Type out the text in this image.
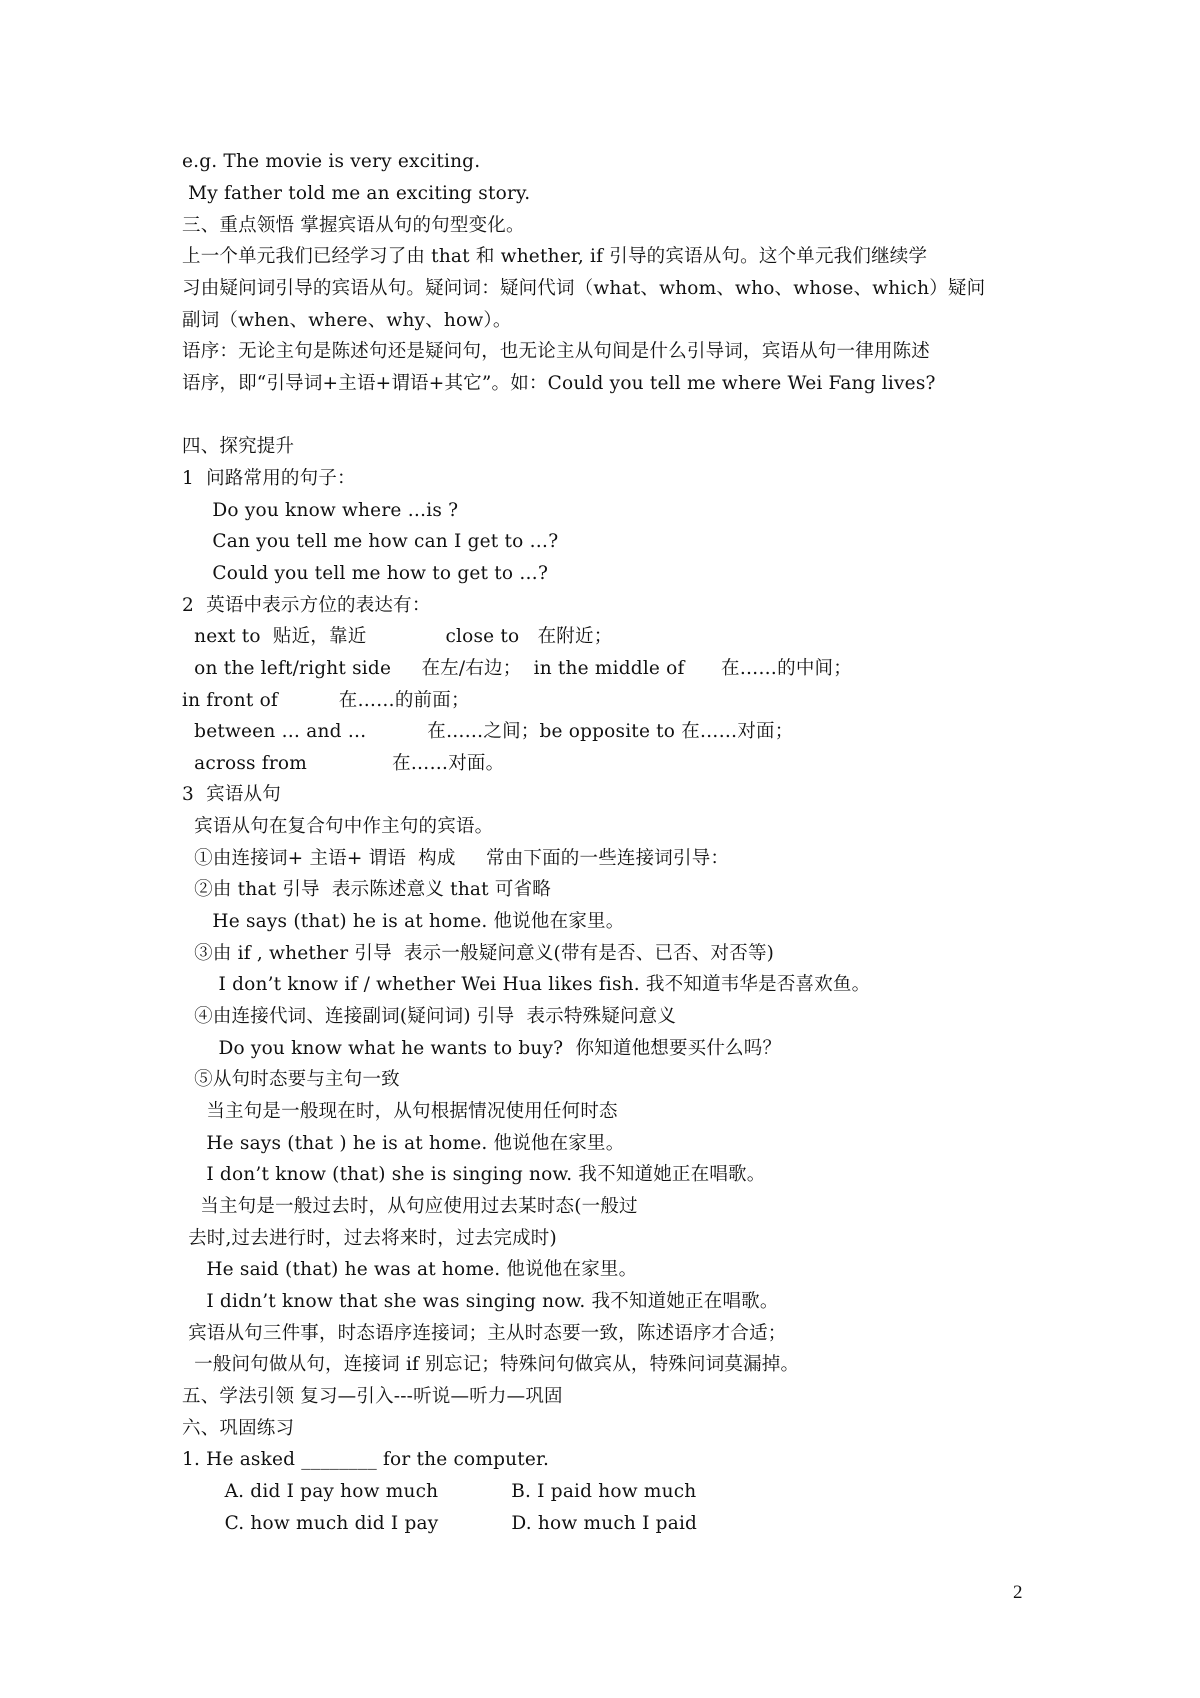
e.g. The movie is very exciting.
My father told me an exciting story.
三、重点领悟 掌握宾语从句的句型变化。
上一个单元我们已经学习了由 that 和 whether, if 引导的宾语从句。这个单元我们继续学
习由疑问词引导的宾语从句。疑问词：疑问代词（what、whom、who、whose、which）疑问
副词（when、where、why、how）。
语序：无论主句是陈述句还是疑问句，也无论主从句间是什么引导词，宾语从句一律用陈述
语序，即“引导词+主语+谓语+其它”。如：Could you tell me where Wei Fang lives?
四、探究提升
1  问路常用的句子：
Do you know where …is ?
Can you tell me how can I get to …?
Could you tell me how to get to …?
2  英语中表示方位的表达有：
next to  贴近，靠近             close to   在附近；
on the left/right side     在左/右边；  in the middle of      在……的中间；
in front of          在……的前面；
between … and …          在……之间；be opposite to 在……对面；
across from              在……对面。
3  宾语从句
宾语从句在复合句中作主句的宾语。
①由连接词+ 主语+ 谓语  构成     常由下面的一些连接词引导：
②由 that 引导  表示陈述意义 that 可省略
He says (that) he is at home. 他说他在家里。
③由 if , whether 引导  表示一般疑问意义(带有是否、已否、对否等)
I don’t know if / whether Wei Hua likes fish. 我不知道韦华是否喜欢鱼。
④由连接代词、连接副词(疑问词) 引导  表示特殊疑问意义
Do you know what he wants to buy?  你知道他想要买什么吗？
⑤从句时态要与主句一致
当主句是一般现在时，从句根据情况使用任何时态
He says (that ) he is at home. 他说他在家里。
I don’t know (that) she is singing now. 我不知道她正在唱歌。
当主句是一般过去时，从句应使用过去某时态(一般过
去时,过去进行时，过去将来时，过去完成时)
He said (that) he was at home. 他说他在家里。
I didn’t know that she was singing now. 我不知道她正在唱歌。
宾语从句三件事，时态语序连接词；主从时态要一致，陈述语序才合适；
一般问句做从句，连接词 if 别忘记；特殊问句做宾从，特殊问词莫漏掉。
五、学法引领 复习—引入---听说—听力—巩固
六、巩固练习
1. He asked ________ for the computer.
A. did I pay how much            B. I paid how much
C. how much did I pay            D. how much I paid
2
